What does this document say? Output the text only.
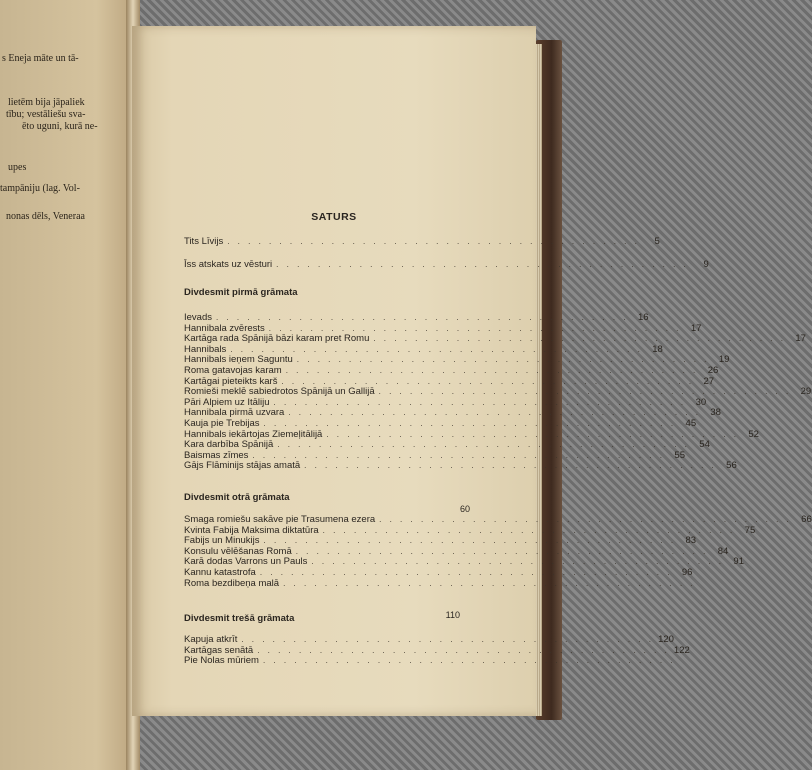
s Eneja māte un tā-
lietēm bija jāpaliek
tību; vestāliešu sva-
ēto uguni, kurā ne-
upes
tampāniju (lag. Vol-
nonas dēls, Veneraa	SATURS
Tits Līvijs . . . . . . . . . . . . . . . . . . . . . . . . . . . . . . . . . . . . . . . .	5
Īss atskats uz vēsturi . . . . . . . . . . . . . . . . . . . . . . . . . . . . . . . . . . . . . . . .	9
Divdesmit pirmā grāmata
Ievads . . . . . . . . . . . . . . . . . . . . . . . . . . . . . . . . . . . . . . . . 16
Hannibala zvērests . . . . . . . . . . . . . . . . . . . . . . . . . . . . . . . . . . . . . . . . 17
Kartāga rada Spānijā bāzi karam pret Romu . . . . . . . . . . . . . . . . . . . . . . . . . . . . . . . . . . . . . . . . 17
Hannibals . . . . . . . . . . . . . . . . . . . . . . . . . . . . . . . . . . . . . . . . 18
Hannibals ieņem Saguntu . . . . . . . . . . . . . . . . . . . . . . . . . . . . . . . . . . . . . . . . 19
Roma gatavojas karam . . . . . . . . . . . . . . . . . . . . . . . . . . . . . . . . . . . . . . . . 26
Kartāgai pieteikts karš . . . . . . . . . . . . . . . . . . . . . . . . . . . . . . . . . . . . . . . . 27
Romieši meklē sabiedrotos Spānijā un Gallijā . . . . . . . . . . . . . . . . . . . . . . . . . . . . . . . . . . . . . . . . 29
Pāri Alpiem uz Itāliju . . . . . . . . . . . . . . . . . . . . . . . . . . . . . . . . . . . . . . . . 30
Hannibala pirmā uzvara . . . . . . . . . . . . . . . . . . . . . . . . . . . . . . . . . . . . . . . . 38
Kauja pie Trebijas . . . . . . . . . . . . . . . . . . . . . . . . . . . . . . . . . . . . . . . . 45
Hannibals iekārtojas Ziemeļitālijā . . . . . . . . . . . . . . . . . . . . . . . . . . . . . . . . . . . . . . . . 52
Kara darbība Spānijā . . . . . . . . . . . . . . . . . . . . . . . . . . . . . . . . . . . . . . . . 54
Baismas zīmes . . . . . . . . . . . . . . . . . . . . . . . . . . . . . . . . . . . . . . . . 55
Gājs Flāminijs stājas amatā . . . . . . . . . . . . . . . . . . . . . . . . . . . . . . . . . . . . . . . . 56
Divdesmit otrā grāmata
60
Smaga romiešu sakāve pie Trasumena ezera . . . . . . . . . . . . . . . . . . . . . . . . . . . . . . . . . . . . . . . . 66
Kvinta Fabija Maksima diktatūra . . . . . . . . . . . . . . . . . . . . . . . . . . . . . . . . . . . . . . . . 75
Fabijs un Minukijs . . . . . . . . . . . . . . . . . . . . . . . . . . . . . . . . . . . . . . . . 83
Konsulu vēlēšanas Romā . . . . . . . . . . . . . . . . . . . . . . . . . . . . . . . . . . . . . . . . 84
Karā dodas Varrons un Pauls . . . . . . . . . . . . . . . . . . . . . . . . . . . . . . . . . . . . . . . . 91
Kannu katastrofa . . . . . . . . . . . . . . . . . . . . . . . . . . . . . . . . . . . . . . . . 96
Roma bezdibeņa malā . . . . . . . . . . . . . . . . . . . . . . . . . . . . . . . . . . . . . . . .
Divdesmit trešā grāmata	110
Kapuja atkrīt . . . . . . . . . . . . . . . . . . . . . . . . . . . . . . . . . . . . . . . . 120
Kartāgas senātā . . . . . . . . . . . . . . . . . . . . . . . . . . . . . . . . . . . . . . . . 122
Pie Nolas mūriem . . . . . . . . . . . . . . . . . . . . . . . . . . . . . . . . . . . . . . . .
